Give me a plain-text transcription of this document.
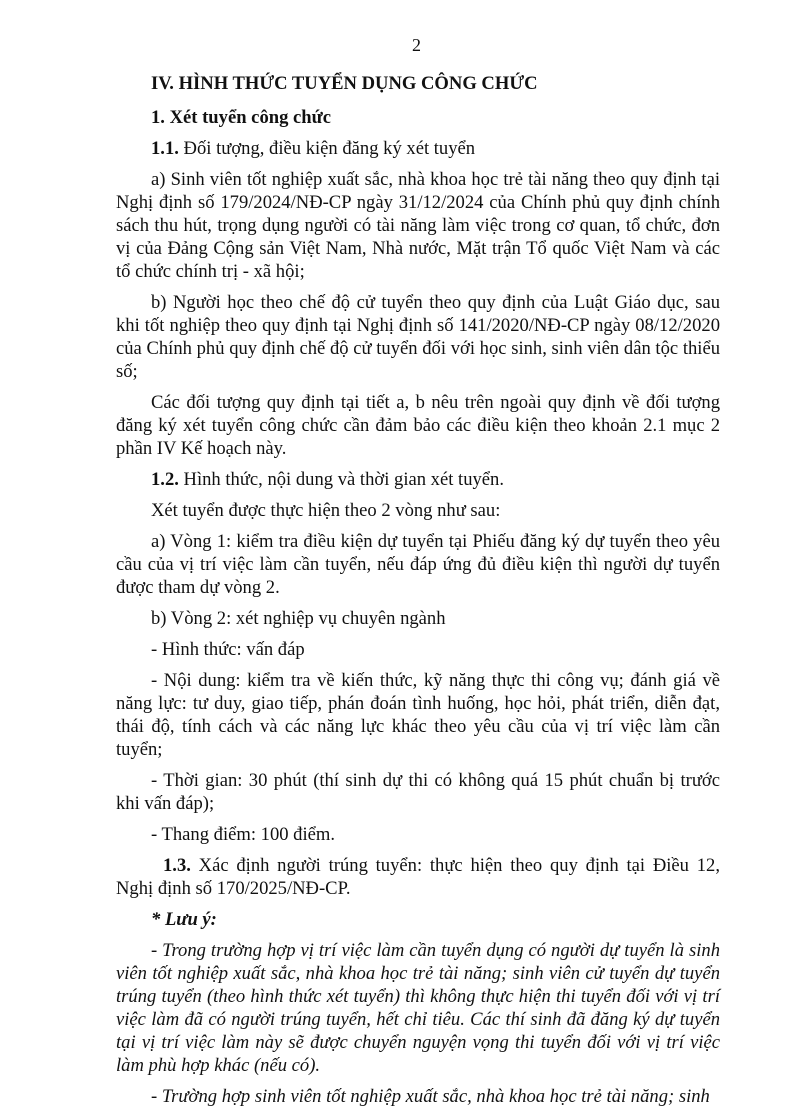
2

IV. HÌNH THỨC TUYỂN DỤNG CÔNG CHỨC

1. Xét tuyển công chức

1.1. Đối tượng, điều kiện đăng ký xét tuyển

a) Sinh viên tốt nghiệp xuất sắc, nhà khoa học trẻ tài năng theo quy định tại Nghị định số 179/2024/NĐ-CP ngày 31/12/2024 của Chính phủ quy định chính sách thu hút, trọng dụng người có tài năng làm việc trong cơ quan, tổ chức, đơn vị của Đảng Cộng sản Việt Nam, Nhà nước, Mặt trận Tổ quốc Việt Nam và các tổ chức chính trị - xã hội;

b) Người học theo chế độ cử tuyển theo quy định của Luật Giáo dục, sau khi tốt nghiệp theo quy định tại Nghị định số 141/2020/NĐ-CP ngày 08/12/2020 của Chính phủ quy định chế độ cử tuyển đối với học sinh, sinh viên dân tộc thiểu số;

Các đối tượng quy định tại tiết a, b nêu trên ngoài quy định về đối tượng đăng ký xét tuyển công chức cần đảm bảo các điều kiện theo khoản 2.1 mục 2 phần IV Kế hoạch này.

1.2. Hình thức, nội dung và thời gian xét tuyển.

Xét tuyển được thực hiện theo 2 vòng như sau:

a) Vòng 1: kiểm tra điều kiện dự tuyển tại Phiếu đăng ký dự tuyển theo yêu cầu của vị trí việc làm cần tuyển, nếu đáp ứng đủ điều kiện thì người dự tuyển được tham dự vòng 2.

b) Vòng 2: xét nghiệp vụ chuyên ngành

- Hình thức: vấn đáp

- Nội dung: kiểm tra về kiến thức, kỹ năng thực thi công vụ; đánh giá về năng lực: tư duy, giao tiếp, phán đoán tình huống, học hỏi, phát triển, diễn đạt, thái độ, tính cách và các năng lực khác theo yêu cầu của vị trí việc làm cần tuyển;

- Thời gian: 30 phút (thí sinh dự thi có không quá 15 phút chuẩn bị trước khi vấn đáp);

- Thang điểm: 100 điểm.

1.3. Xác định người trúng tuyển: thực hiện theo quy định tại Điều 12, Nghị định số 170/2025/NĐ-CP.

* Lưu ý:

- Trong trường hợp vị trí việc làm cần tuyển dụng có người dự tuyển là sinh viên tốt nghiệp xuất sắc, nhà khoa học trẻ tài năng; sinh viên cử tuyển dự tuyển trúng tuyển (theo hình thức xét tuyển) thì không thực hiện thi tuyển đối với vị trí việc làm đã có người trúng tuyển, hết chỉ tiêu. Các thí sinh đã đăng ký dự tuyển tại vị trí việc làm này sẽ được chuyển nguyện vọng thi tuyển đối với vị trí việc làm phù hợp khác (nếu có).

- Trường hợp sinh viên tốt nghiệp xuất sắc, nhà khoa học trẻ tài năng; sinh
